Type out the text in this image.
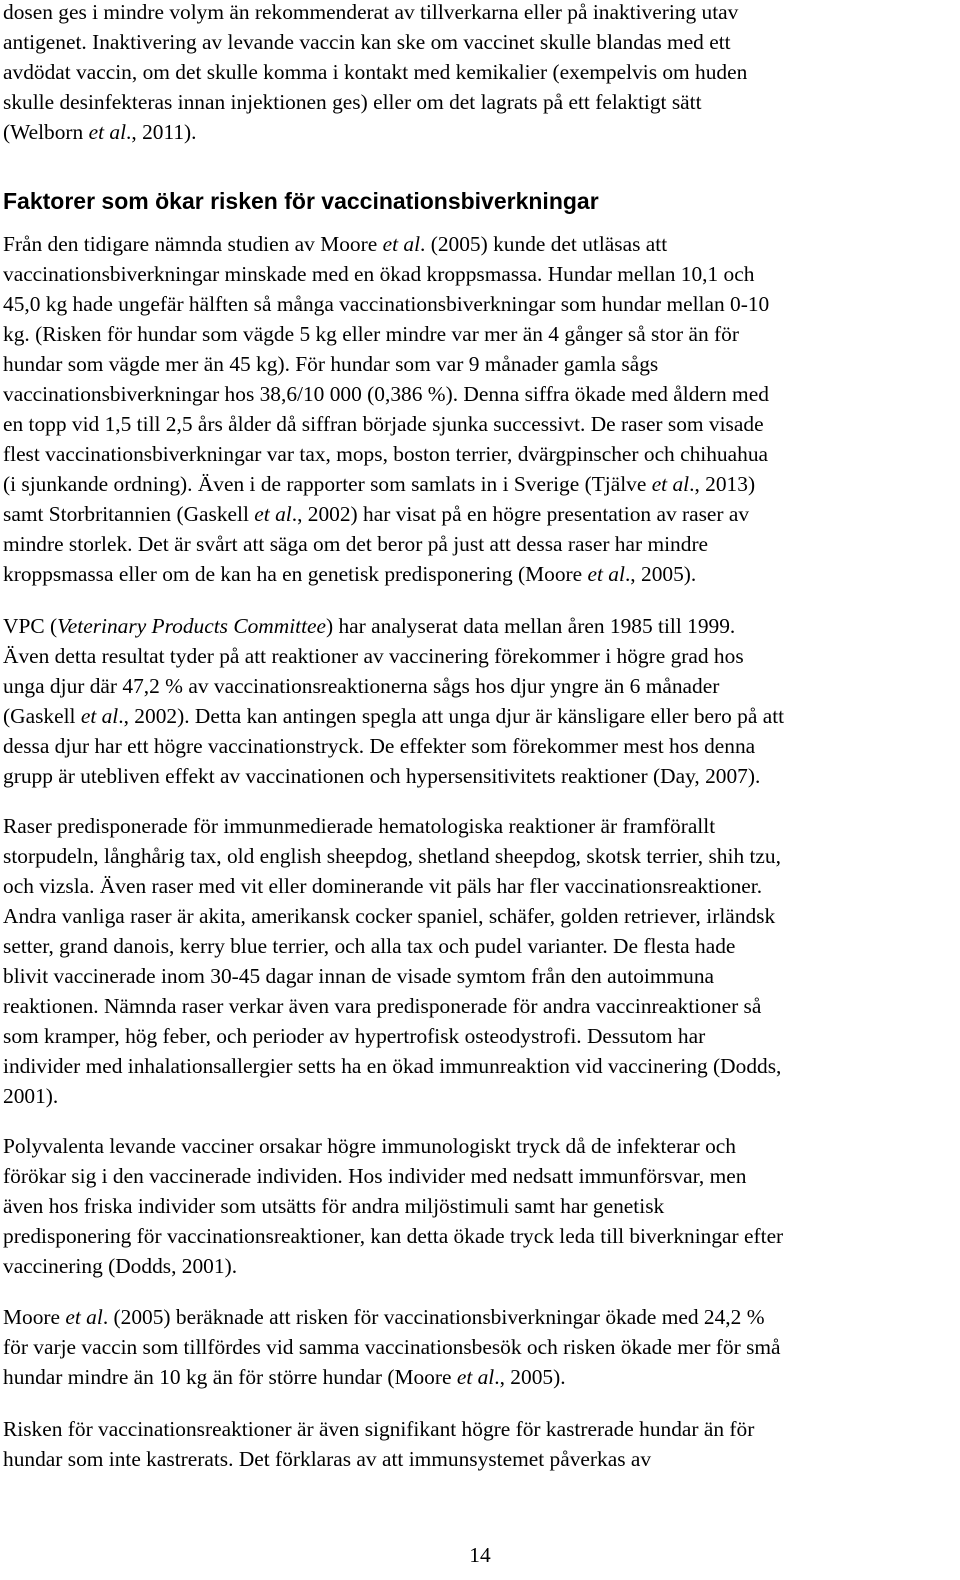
dosen ges i mindre volym än rekommenderat av tillverkarna eller på inaktivering utav
antigenet. Inaktivering av levande vaccin kan ske om vaccinet skulle blandas med ett
avdödat vaccin, om det skulle komma i kontakt med kemikalier (exempelvis om huden
skulle desinfekteras innan injektionen ges) eller om det lagrats på ett felaktigt sätt
(Welborn et al., 2011).

Faktorer som ökar risken för vaccinationsbiverkningar

Från den tidigare nämnda studien av Moore et al. (2005) kunde det utläsas att
vaccinationsbiverkningar minskade med en ökad kroppsmassa. Hundar mellan 10,1 och
45,0 kg hade ungefär hälften så många vaccinationsbiverkningar som hundar mellan 0-10
kg. (Risken för hundar som vägde 5 kg eller mindre var mer än 4 gånger så stor än för
hundar som vägde mer än 45 kg). För hundar som var 9 månader gamla sågs
vaccinationsbiverkningar hos 38,6/10 000 (0,386 %). Denna siffra ökade med åldern med
en topp vid 1,5 till 2,5 års ålder då siffran började sjunka successivt. De raser som visade
flest vaccinationsbiverkningar var tax, mops, boston terrier, dvärgpinscher och chihuahua
(i sjunkande ordning). Även i de rapporter som samlats in i Sverige (Tjälve et al., 2013)
samt Storbritannien (Gaskell et al., 2002) har visat på en högre presentation av raser av
mindre storlek. Det är svårt att säga om det beror på just att dessa raser har mindre
kroppsmassa eller om de kan ha en genetisk predisponering (Moore et al., 2005).

VPC (Veterinary Products Committee) har analyserat data mellan åren 1985 till 1999.
Även detta resultat tyder på att reaktioner av vaccinering förekommer i högre grad hos
unga djur där 47,2 % av vaccinationsreaktionerna sågs hos djur yngre än 6 månader
(Gaskell et al., 2002). Detta kan antingen spegla att unga djur är känsligare eller bero på att
dessa djur har ett högre vaccinationstryck. De effekter som förekommer mest hos denna
grupp är utebliven effekt av vaccinationen och hypersensitivitets reaktioner (Day, 2007).

Raser predisponerade för immunmedierade hematologiska reaktioner är framförallt
storpudeln, långhårig tax, old english sheepdog, shetland sheepdog, skotsk terrier, shih tzu,
och vizsla. Även raser med vit eller dominerande vit päls har fler vaccinationsreaktioner.
Andra vanliga raser är akita, amerikansk cocker spaniel, schäfer, golden retriever, irländsk
setter, grand danois, kerry blue terrier, och alla tax och pudel varianter. De flesta hade
blivit vaccinerade inom 30-45 dagar innan de visade symtom från den autoimmuna
reaktionen. Nämnda raser verkar även vara predisponerade för andra vaccinreaktioner så
som kramper, hög feber, och perioder av hypertrofisk osteodystrofi. Dessutom har
individer med inhalationsallergier setts ha en ökad immunreaktion vid vaccinering (Dodds,
2001).

Polyvalenta levande vacciner orsakar högre immunologiskt tryck då de infekterar och
förökar sig i den vaccinerade individen. Hos individer med nedsatt immunförsvar, men
även hos friska individer som utsätts för andra miljöstimuli samt har genetisk
predisponering för vaccinationsreaktioner, kan detta ökade tryck leda till biverkningar efter
vaccinering (Dodds, 2001).

Moore et al. (2005) beräknade att risken för vaccinationsbiverkningar ökade med 24,2 %
för varje vaccin som tillfördes vid samma vaccinationsbesök och risken ökade mer för små
hundar mindre än 10 kg än för större hundar (Moore et al., 2005).

Risken för vaccinationsreaktioner är även signifikant högre för kastrerade hundar än för
hundar som inte kastrerats. Det förklaras av att immunsystemet påverkas av

14
